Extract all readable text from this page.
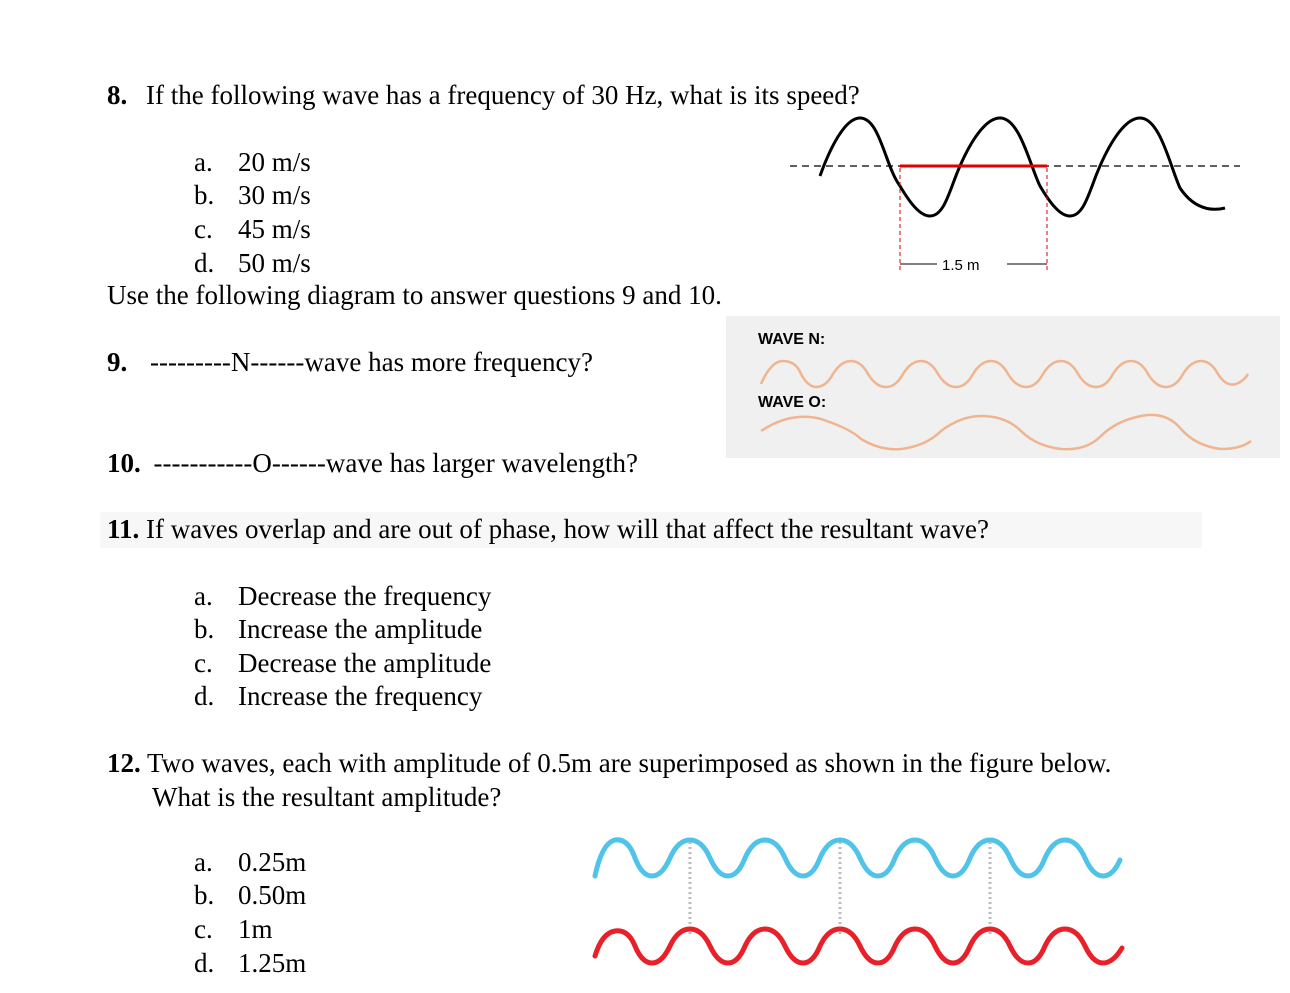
8. If the following wave has a frequency of 30 Hz, what is its speed?
a. 20 m/s
b. 30 m/s
c. 45 m/s
d. 50 m/s	1.5 m
Use the following diagram to answer questions 9 and 10.
9. ---------N------wave has more frequency?
WAVE N:
WAVE O:
10. -----------O------wave has larger wavelength?
11. If waves overlap and are out of phase, how will that affect the resultant wave?
a. Decrease the frequency
b. Increase the amplitude
c. Decrease the amplitude
d. Increase the frequency
12. Two waves, each with amplitude of 0.5m are superimposed as shown in the figure below.
What is the resultant amplitude?
a. 0.25m
b. 0.50m
c. 1m
d. 1.25m
